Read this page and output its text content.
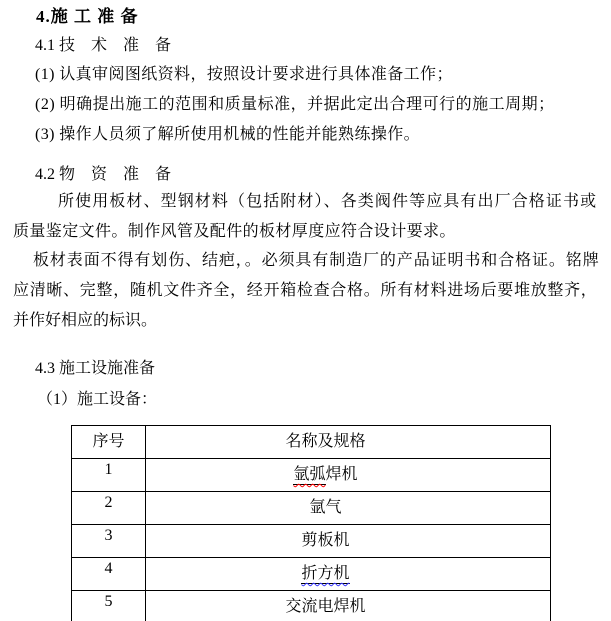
4.施 工 准 备
4.1 技　术　准　备
(1) 认真审阅图纸资料，按照设计要求进行具体准备工作；
(2) 明确提出施工的范围和质量标准，并据此定出合理可行的施工周期；
(3) 操作人员须了解所使用机械的性能并能熟练操作。
4.2 物　资　准　备
所使用板材、型钢材料（包括附材）、各类阀件等应具有出厂合格证书或
质量鉴定文件。制作风管及配件的板材厚度应符合设计要求。
板材表面不得有划伤、结疤，。必须具有制造厂的产品证明书和合格证。铭牌
应清晰、完整，随机文件齐全，经开箱检查合格。所有材料进场后要堆放整齐，
并作好相应的标识。
4.3 施工设施准备
（1）施工设备：
序号	名称及规格
1	氩弧焊机
2	氩气
3	剪板机
4	折方机
5	交流电焊机
